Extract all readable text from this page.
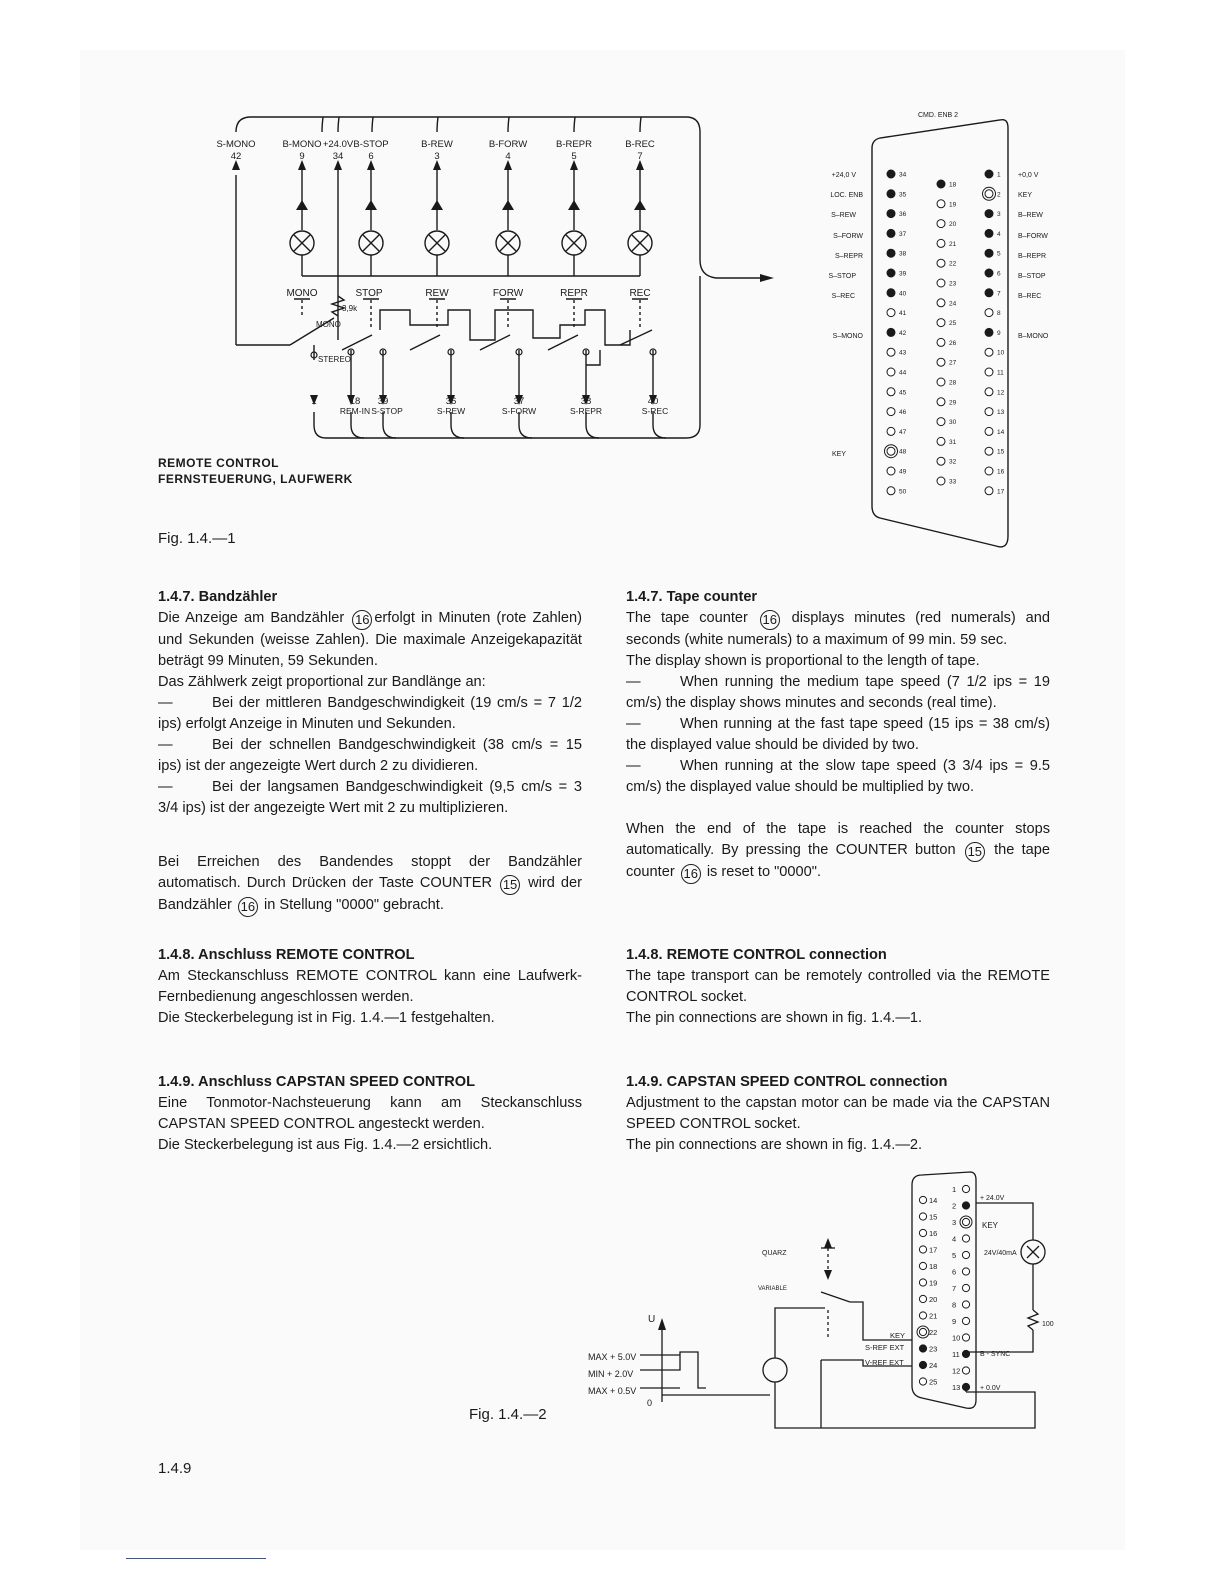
S-MONO
42
B-MONO
9
+24.0V
34
B-STOP
6
B-REW
3
B-FORW
4
B-REPR
5
B-REC
7
MONO	STOP	REW	FORW	REPR	REC
3,9k
MONO
STEREO
1	18 39	36	37	38	40
REM-IN S-STOP	S-REW	S-FORW	S-REPR	S-REC
REMOTE CONTROL
FERNSTEUERUNG, LAUFWERK
CMD. ENB 2
+24,0 V
LOC. ENB
S–REW
S–FORW
S–REPR
S–STOP
S–REC
S–MONO
KEY
+0,0 V
KEY
B–REW
B–FORW
B–REPR
B–STOP
B–REC
B–MONO
34
35
36
37
38
39
40
41
42
43
44
45
46
47
48
49
50
18
19
20
21
22
23
24
25
26
27
28
29
30
31
32
33
1
2
3
4
5
6
7
8
9
10
11
12
13
14
15
16
17
Fig. 1.4.—1
1.4.7. Bandzähler

Die Anzeige am Bandzähler 16 erfolgt in Minuten (rote Zahlen) und Sekunden (weisse Zahlen). Die maximale Anzeigekapazität beträgt 99 Minuten, 59 Sekunden.

Das Zählwerk zeigt proportional zur Bandlänge an:

—	Bei der mittleren Bandgeschwindigkeit (19 cm/s = 7 1/2 ips) erfolgt Anzeige in Minuten und Sekunden.

—	Bei der schnellen Bandgeschwindigkeit (38 cm/s = 15 ips) ist der angezeigte Wert durch 2 zu dividieren.

—	Bei der langsamen Bandgeschwindigkeit (9,5 cm/s = 3 3/4 ips) ist der angezeigte Wert mit 2 zu multiplizieren.

Bei Erreichen des Bandendes stoppt der Bandzähler automatisch. Durch Drücken der Taste COUNTER 15 wird der Bandzähler 16 in Stellung "0000" gebracht.

1.4.7. Tape counter

The tape counter 16 displays minutes (red numerals) and seconds (white numerals) to a maximum of 99 min. 59 sec.

The display shown is proportional to the length of tape.

—	When running the medium tape speed (7 1/2 ips = 19 cm/s) the display shows minutes and seconds (real time).

—	When running at the fast tape speed (15 ips = 38 cm/s) the displayed value should be divided by two.

—	When running at the slow tape speed (3 3/4 ips = 9.5 cm/s) the displayed value should be multiplied by two.

When the end of the tape is reached the counter stops automatically. By pressing the COUNTER button 15 the tape counter 16 is reset to "0000".

1.4.8. Anschluss REMOTE CONTROL

Am Steckanschluss REMOTE CONTROL kann eine Laufwerk-Fernbedienung angeschlossen werden.

Die Steckerbelegung ist in Fig. 1.4.—1 festgehalten.

1.4.8. REMOTE CONTROL connection

The tape transport can be remotely controlled via the REMOTE CONTROL socket.

The pin connections are shown in fig. 1.4.—1.

1.4.9. Anschluss CAPSTAN SPEED CONTROL

Eine Tonmotor-Nachsteuerung kann am Steckanschluss CAPSTAN SPEED CONTROL angesteckt werden.

Die Steckerbelegung ist aus Fig. 1.4.—2 ersichtlich.

1.4.9. CAPSTAN SPEED CONTROL connection

Adjustment to the capstan motor can be made via the CAPSTAN SPEED CONTROL socket.

The pin connections are shown in fig. 1.4.—2.

14
15
16
17
18
19
20
21
22
23
24
25
1
2
3
4
5
6
7
8
9
10
11
12
13
U
MAX + 5.0V
MIN + 2.0V
MAX + 0.5V
0
QUARZ
VARIABLE
KEY
S-REF EXT
V-REF EXT
+ 24.0V
KEY
24V/40mA
100
B - SYNC
+ 0.0V
Fig. 1.4.—2
1.4.9
